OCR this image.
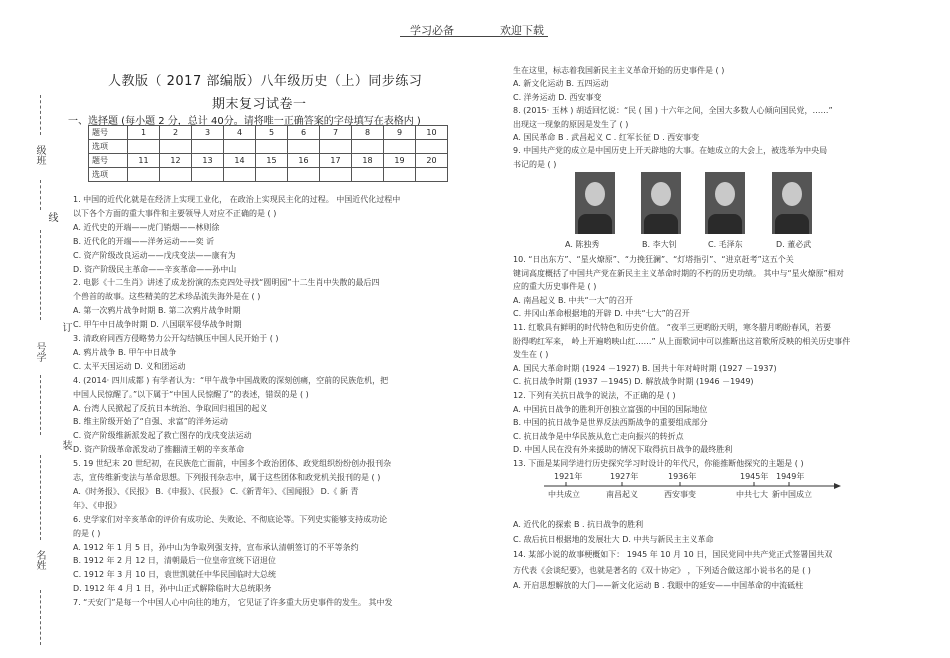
学习必备	欢迎下载
级班
线
订
号学
装
名姓
人教版（ 2017 部编版）八年级历史（上）同步练习
期末复习试卷一
一、选择题 (每小题 2 分，总计 40分。请将唯一正确答案的字母填写在表格内 )
题号	1	2	3	4	5	6	7	8	9	10
选项										
题号	11	12	13	14	15	16	17	18	19	20
选项										
1. 中国的近代化就是在经济上实现工业化， 在政治上实现民主化的过程。 中国近代化过程中
以下各个方面的重大事件和主要领导人对应不正确的是 ( )
A. 近代史的开端——虎门销烟——林则徐
B. 近代化的开端——洋务运动——奕 䜣
C. 资产阶级改良运动——戊戌变法——康有为
D. 资产阶级民主革命——辛亥革命——孙中山
2. 电影《十二生肖》讲述了成龙扮演的杰克四处寻找“圆明园”十二生肖中失散的最后四
个兽首的故事。这些精美的艺术珍品流失海外是在 ( )
A. 第一次鸦片战争时期 B. 第二次鸦片战争时期
C. 甲午中日战争时期 D. 八国联军侵华战争时期
3. 清政府同西方侵略势力公开勾结镇压中国人民开始于 ( )
A. 鸦片战争 B. 甲午中日战争
C. 太平天国运动 D. 义和团运动
4. (2014· 四川成都 ) 有学者认为：“甲午战争中国战败的深刻创痛，空前的民族危机，把
中国人民惊醒了。”以下属于“中国人民惊醒了”的表述，错误的是 ( )
A. 台湾人民掀起了反抗日本统治、争取回归祖国的起义
B. 维主阶级开始了“自强、求富”的洋务运动
C. 资产阶级维新派发起了救亡图存的戊戌变法运动
D. 资产阶级革命派发动了推翻清王朝的辛亥革命
5. 19 世纪末 20 世纪初，在民族危亡面前，中国多个政治团体、政党组织纷纷创办报刊杂
志，宣传维新变法与革命思想。下列报刊杂志中，属于这些团体和政党机关报刊的是 ( )
A.《时务报》、《民报》 B.《申报》、《民报》 C.《新青年》、《国闻报》 D.《 新 青
年》、《申报》
6. 史学家们对辛亥革命的评价有成功论、失败论、不彻底论等。下列史实能够支持成功论
的是 ( )
A. 1912 年 1 月 5 日，孙中山为争取列强支持，宣布承认清朝签订的不平等条约
B. 1912 年 2 月 12 日，清朝最后一位皇帝宣统下诏退位
C. 1912 年 3 月 10 日，袁世凯就任中华民国临时大总统
D. 1912 年 4 月 1 日，孙中山正式解除临时大总统职务
7. “天安门”是每一个中国人心中向往的地方， 它见证了许多重大历史事件的发生。 其中发
生在这里，标志着我国新民主主义革命开始的历史事件是 ( )
A. 新文化运动 B. 五四运动
C. 洋务运动 D. 西安事变
8. (2015· 玉林 ) 胡适回忆说：“民 ( 国 ) 十六年之间，全国大多数人心倾向国民党，……”
出现这一现象的原因是发生了 ( )
A. 国民革命 B . 武昌起义 C . 红军长征 D . 西安事变
9. 中国共产党的成立是中国历史上开天辟地的大事。在她成立的大会上，被选举为中央局
书记的是 ( )
A. 陈独秀	B. 李大钊	C. 毛泽东	D. 董必武
10. “日出东方”、“星火燎原”、“力挽狂澜”、“灯塔指引”、“进京赶考”这五个关
键词高度概括了中国共产党在新民主主义革命时期的不朽的历史功绩。 其中与“星火燎原”相对
应的重大历史事件是 ( )
A. 南昌起义 B. 中共“一大”的召开
C. 井冈山革命根据地的开辟 D. 中共“七大”的召开
11. 红歌具有鲜明的时代特色和历史价值。 “夜半三更哟盼天明，寒冬腊月哟盼春风，若要
盼得哟红军来， 岭上开遍哟映山红……” 从上面歌词中可以推断出这首歌所反映的相关历史事件
发生在 ( )
A. 国民大革命时期 (1924 －1927) B. 国共十年对峙时期 (1927 －1937)
C. 抗日战争时期 (1937 －1945) D. 解放战争时期 (1946 －1949)
12. 下列有关抗日战争的说法，不正确的是 ( )
A. 中国抗日战争的胜利开创独立富强的中国的国际地位
B. 中国的抗日战争是世界反法西斯战争的重要组成部分
C. 抗日战争是中华民族从危亡走向振兴的转折点
D. 中国人民在没有外来援助的情况下取得抗日战争的最终胜利
13. 下面是某同学进行历史探究学习时设计的年代尺，你能推断他探究的主题是 ( )
1921年	1927年	1936年	1945年 1949年
中共成立	南昌起义	西安事变	中共七大 新中国成立
A. 近代化的探索 B . 抗日战争的胜利
C. 敌后抗日根据地的发展壮大 D. 中共与新民主主义革命
14. 某部小说的故事梗概如下： 1945 年 10 月 10 日，国民党同中共产党正式签署国共双
方代表《会谈纪要》，也就是著名的《双十协定》 ，下列适合做这部小说书名的是 ( )
A. 开启思想解放的大门——新文化运动 B . 我眼中的延安——中国革命的中流砥柱
